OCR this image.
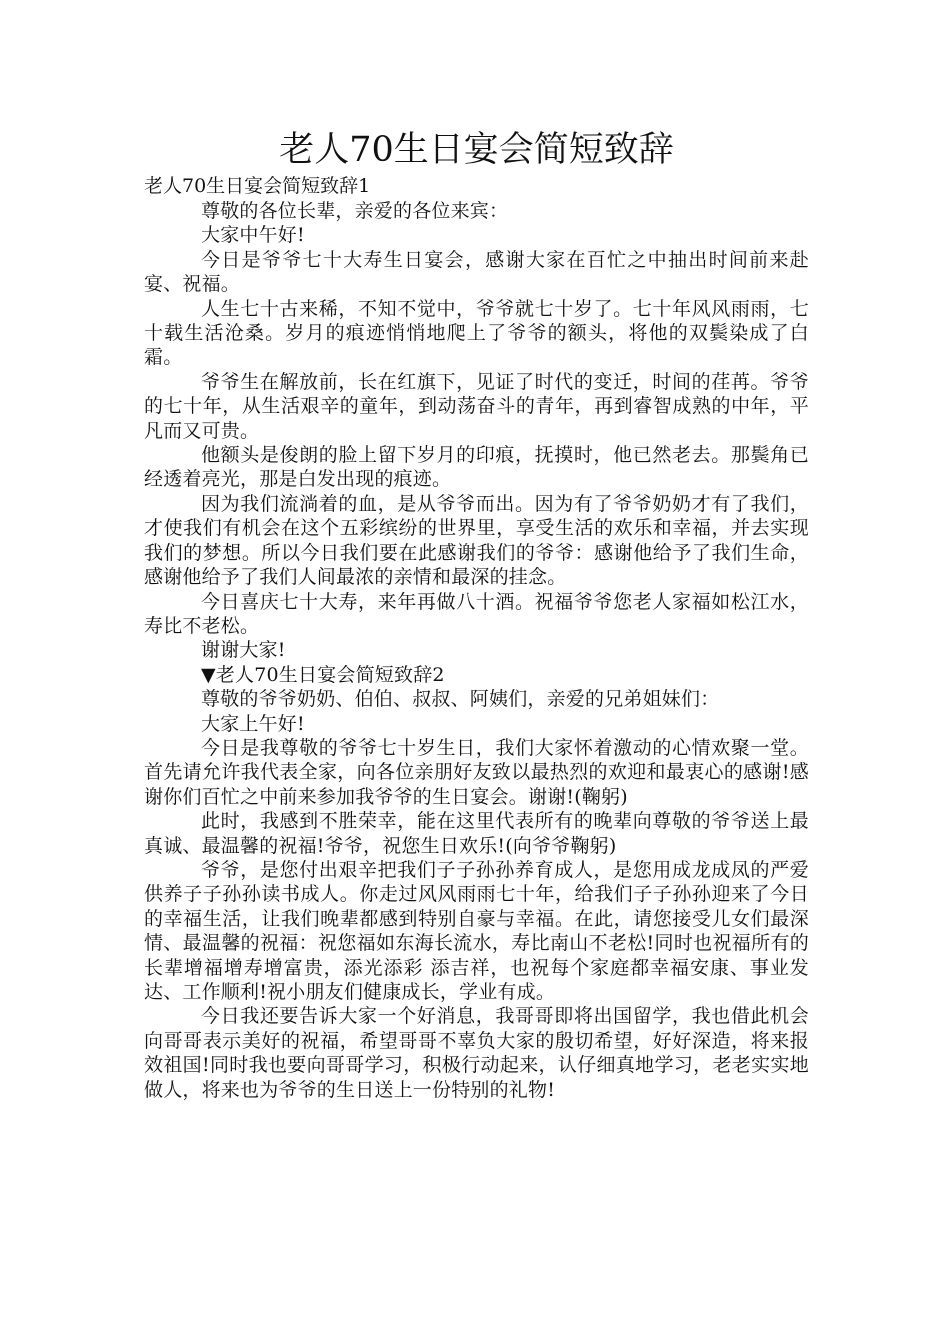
老人70生日宴会简短致辞
老人70生日宴会简短致辞1

尊敬的各位长辈，亲爱的各位来宾：

大家中午好!

今日是爷爷七十大寿生日宴会，感谢大家在百忙之中抽出时间前来赴宴、祝福。

人生七十古来稀，不知不觉中，爷爷就七十岁了。七十年风风雨雨，七十载生活沧桑。岁月的痕迹悄悄地爬上了爷爷的额头，将他的双鬓染成了白霜。

爷爷生在解放前，长在红旗下，见证了时代的变迁，时间的荏苒。爷爷的七十年，从生活艰辛的童年，到动荡奋斗的青年，再到睿智成熟的中年，平凡而又可贵。

他额头是俊朗的脸上留下岁月的印痕，抚摸时，他已然老去。那鬓角已经透着亮光，那是白发出现的痕迹。

因为我们流淌着的血，是从爷爷而出。因为有了爷爷奶奶才有了我们，才使我们有机会在这个五彩缤纷的世界里，享受生活的欢乐和幸福，并去实现我们的梦想。所以今日我们要在此感谢我们的爷爷：感谢他给予了我们生命，感谢他给予了我们人间最浓的亲情和最深的挂念。

今日喜庆七十大寿，来年再做八十酒。祝福爷爷您老人家福如松江水，寿比不老松。

谢谢大家!

▼老人70生日宴会简短致辞2

尊敬的爷爷奶奶、伯伯、叔叔、阿姨们，亲爱的兄弟姐妹们：

大家上午好!

今日是我尊敬的爷爷七十岁生日，我们大家怀着激动的心情欢聚一堂。首先请允许我代表全家，向各位亲朋好友致以最热烈的欢迎和最衷心的感谢!感谢你们百忙之中前来参加我爷爷的生日宴会。谢谢!(鞠躬)

此时，我感到不胜荣幸，能在这里代表所有的晚辈向尊敬的爷爷送上最真诚、最温馨的祝福!爷爷，祝您生日欢乐!(向爷爷鞠躬)

爷爷，是您付出艰辛把我们子子孙孙养育成人，是您用成龙成凤的严爱供养子子孙孙读书成人。你走过风风雨雨七十年，给我们子子孙孙迎来了今日的幸福生活，让我们晚辈都感到特别自豪与幸福。在此，请您接受儿女们最深情、最温馨的祝福：祝您福如东海长流水，寿比南山不老松!同时也祝福所有的长辈增福增寿增富贵，添光添彩 添吉祥，也祝每个家庭都幸福安康、事业发达、工作顺利!祝小朋友们健康成长，学业有成。

今日我还要告诉大家一个好消息，我哥哥即将出国留学，我也借此机会向哥哥表示美好的祝福，希望哥哥不辜负大家的殷切希望，好好深造，将来报效祖国!同时我也要向哥哥学习，积极行动起来，认仔细真地学习，老老实实地做人，将来也为爷爷的生日送上一份特别的礼物!
